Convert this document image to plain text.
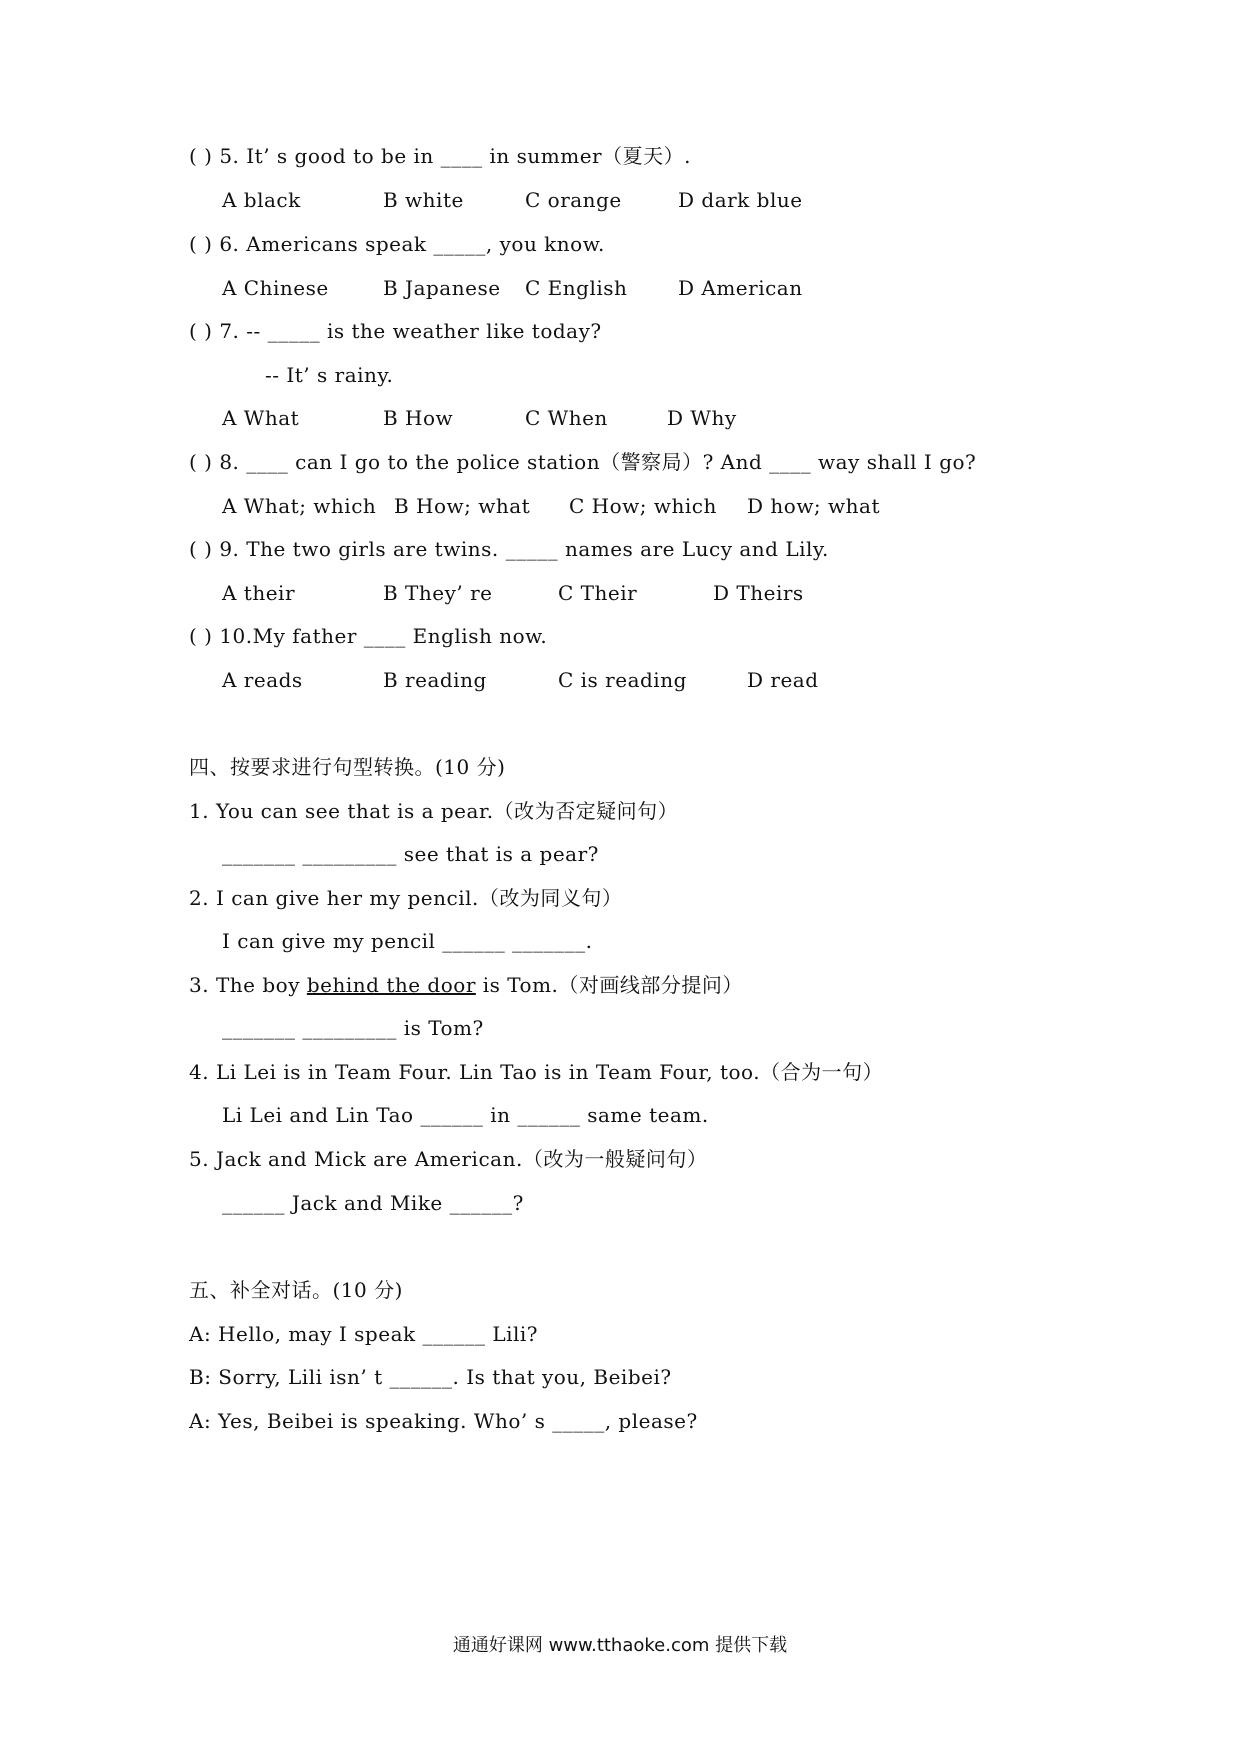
( ) 5. It’ s good to be in ____ in summer（夏天）.
A black	B white	C orange	D dark blue
( ) 6. Americans speak _____, you know.
A Chinese	B Japanese C English	D American
( ) 7. -- _____ is the weather like today?
-- It’ s rainy.
A What	B How	C When	D Why
( ) 8. ____ can I go to the police station（警察局）? And ____ way shall I go?
A What; which B How; what C How; which D how; what
( ) 9. The two girls are twins. _____ names are Lucy and Lily.
A their	B They’ re	C Their	D Theirs
( ) 10.My father ____ English now.
A reads	B reading	C is reading	D read
四、按要求进行句型转换。(10 分)
1. You can see that is a pear.（改为否定疑问句）
_______ _________ see that is a pear?
2. I can give her my pencil.（改为同义句）
I can give my pencil ______ _______.
3. The boy behind the door is Tom.（对画线部分提问）
_______ _________ is Tom?
4. Li Lei is in Team Four. Lin Tao is in Team Four, too.（合为一句）
Li Lei and Lin Tao ______ in ______ same team.
5. Jack and Mick are American.（改为一般疑问句）
______ Jack and Mike ______?
五、补全对话。(10 分)
A: Hello, may I speak ______ Lili?
B: Sorry, Lili isn’ t ______. Is that you, Beibei?
A: Yes, Beibei is speaking. Who’ s _____, please?
通通好课网 www.tthaoke.com 提供下载
